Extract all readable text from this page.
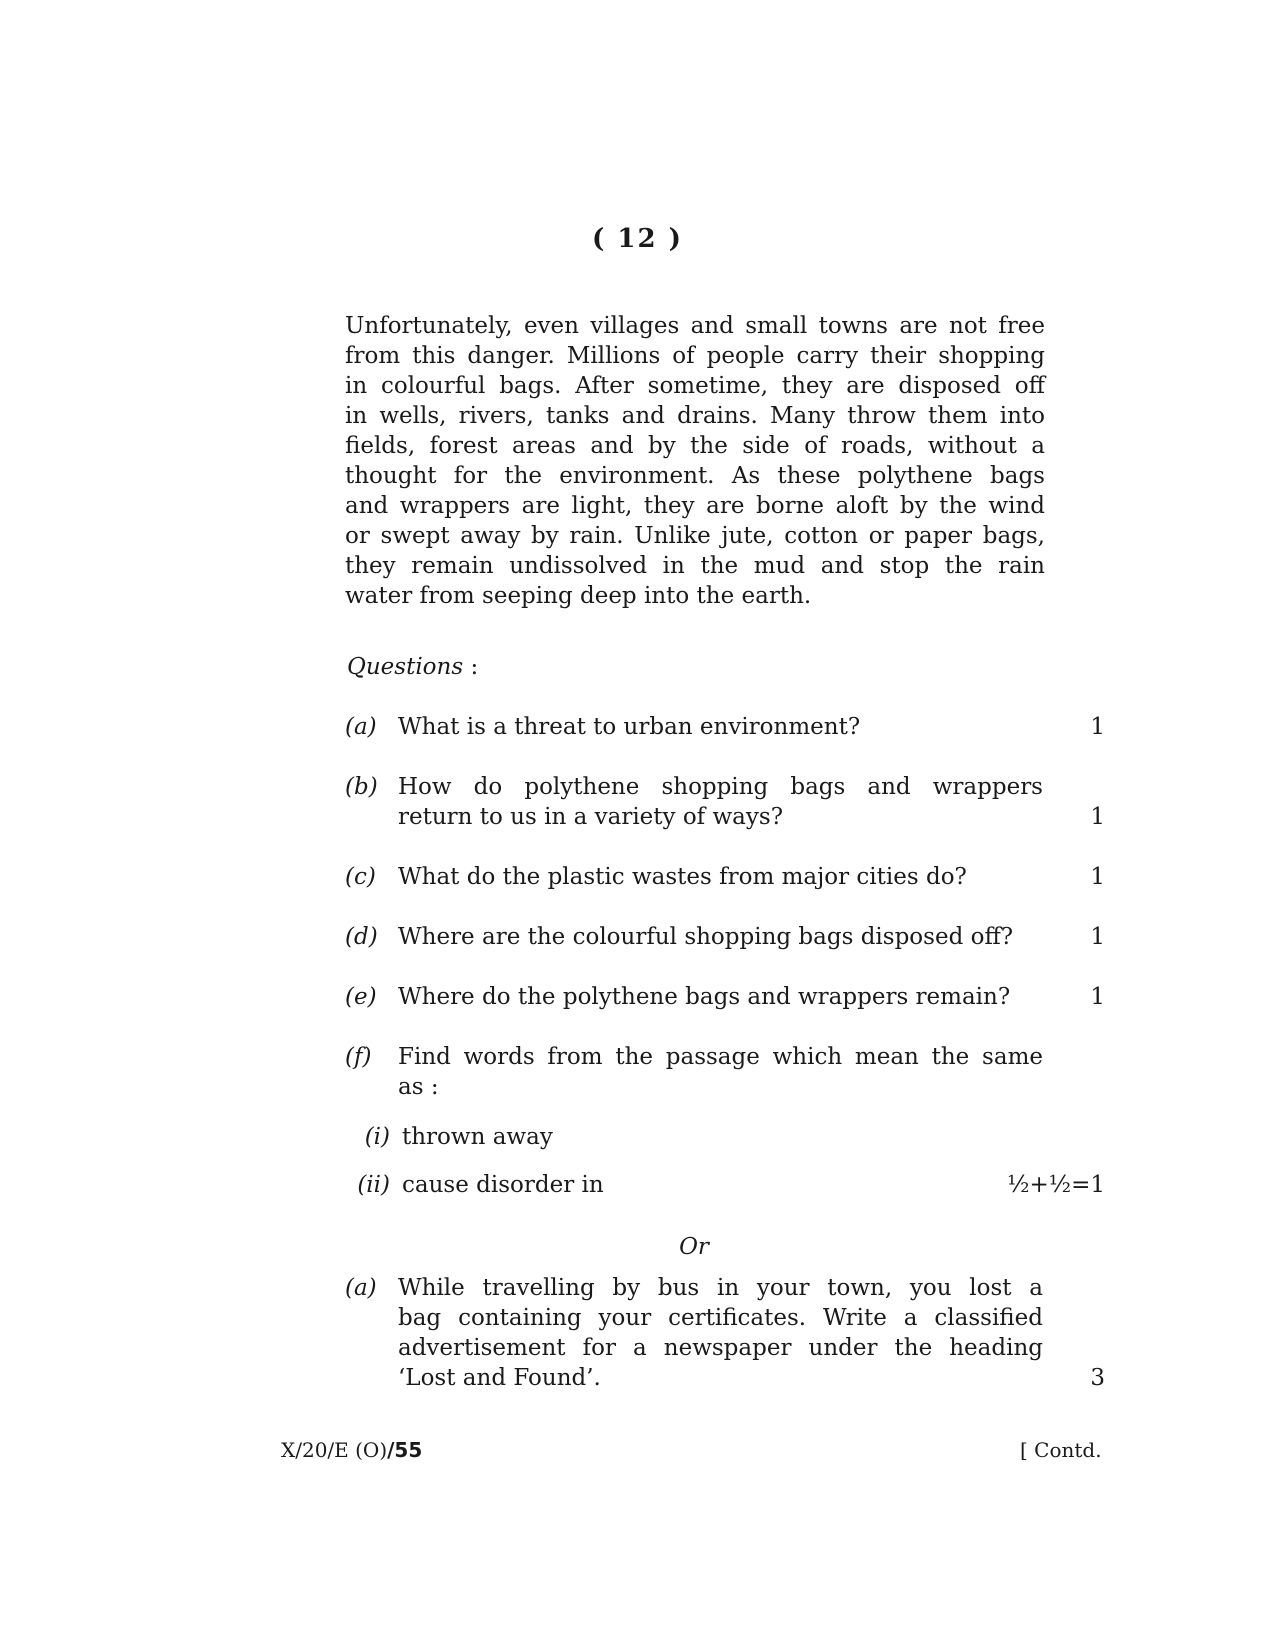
( 12 )
Unfortunately, even villages and small towns are not free
from this danger. Millions of people carry their shopping
in colourful bags. After sometime, they are disposed off
in wells, rivers, tanks and drains. Many throw them into
fields, forest areas and by the side of roads, without a
thought for the environment. As these polythene bags
and wrappers are light, they are borne aloft by the wind
or swept away by rain. Unlike jute, cotton or paper bags,
they remain undissolved in the mud and stop the rain
water from seeping deep into the earth.
Questions :
(a) What is a threat to urban environment?	1
(b) How do polythene shopping bags and wrappers
return to us in a variety of ways?	1
(c) What do the plastic wastes from major cities do?	1
(d) Where are the colourful shopping bags disposed off?	1
(e) Where do the polythene bags and wrappers remain?	1
(f) Find words from the passage which mean the same
as :
(i) thrown away
(ii) cause disorder in	½+½=1
Or
(a) While travelling by bus in your town, you lost a
bag containing your certificates. Write a classified
advertisement for a newspaper under the heading
‘Lost and Found’.	3
X/20/E (O)/55	[ Contd.
